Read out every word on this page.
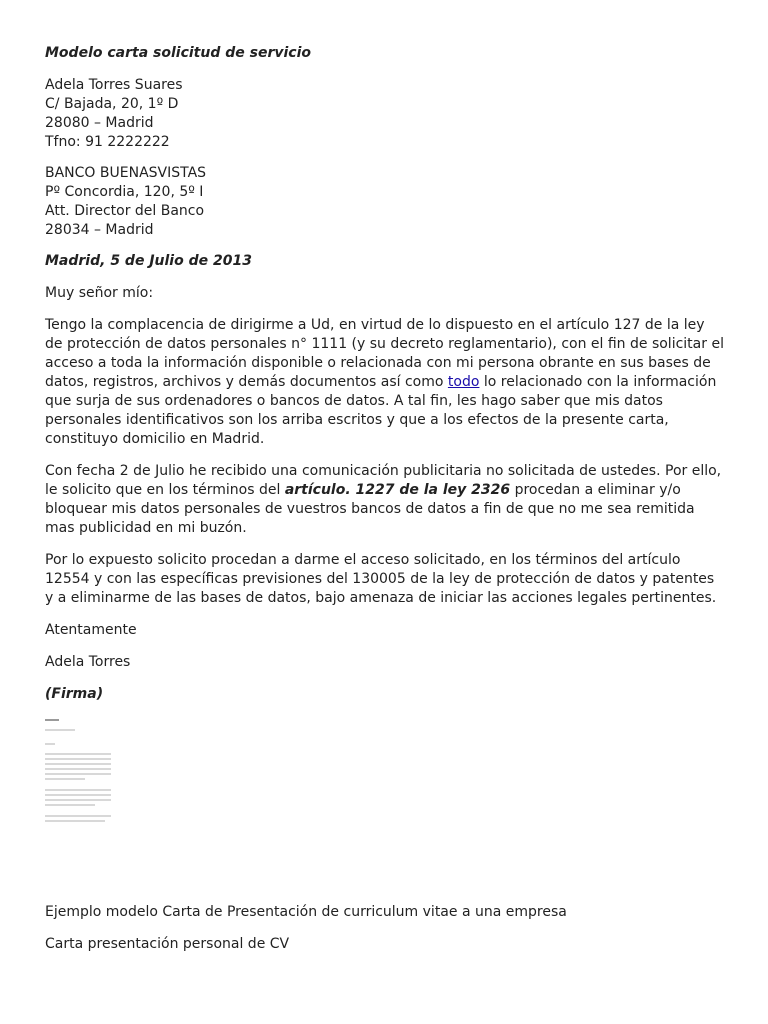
Modelo carta solicitud de servicio
Adela Torres Suares
C/ Bajada, 20, 1º D
28080 – Madrid
Tfno: 91 2222222
BANCO BUENASVISTAS
Pº Concordia, 120, 5º I
Att. Director del Banco
28034 – Madrid

Madrid, 5 de Julio de 2013

Muy señor mío:

Tengo la complacencia de dirigirme a Ud, en virtud de lo dispuesto en el artículo 127 de la ley de protección de datos personales n° 1111 (y su decreto reglamentario), con el fin de solicitar el acceso a toda la información disponible o relacionada con mi persona obrante en sus bases de datos, registros, archivos y demás documentos así como todo lo relacionado con la información que surja de sus ordenadores o bancos de datos. A tal fin, les hago saber que mis datos personales identificativos son los arriba escritos y que a los efectos de la presente carta, constituyo domicilio en Madrid.

Con fecha 2 de Julio he recibido una comunicación publicitaria no solicitada de ustedes. Por ello, le solicito que en los términos del artículo. 1227 de la ley 2326 procedan a eliminar y/o bloquear mis datos personales de vuestros bancos de datos a fin de que no me sea remitida mas publicidad en mi buzón.

Por lo expuesto solicito procedan a darme el acceso solicitado, en los términos del artículo 12554 y con las específicas previsiones del 130005 de la ley de protección de datos y patentes y a eliminarme de las bases de datos, bajo amenaza de iniciar las acciones legales pertinentes.

Atentamente

Adela Torres

(Firma)

Ejemplo modelo Carta de Presentación de curriculum vitae a una empresa
Carta presentación personal de CV
